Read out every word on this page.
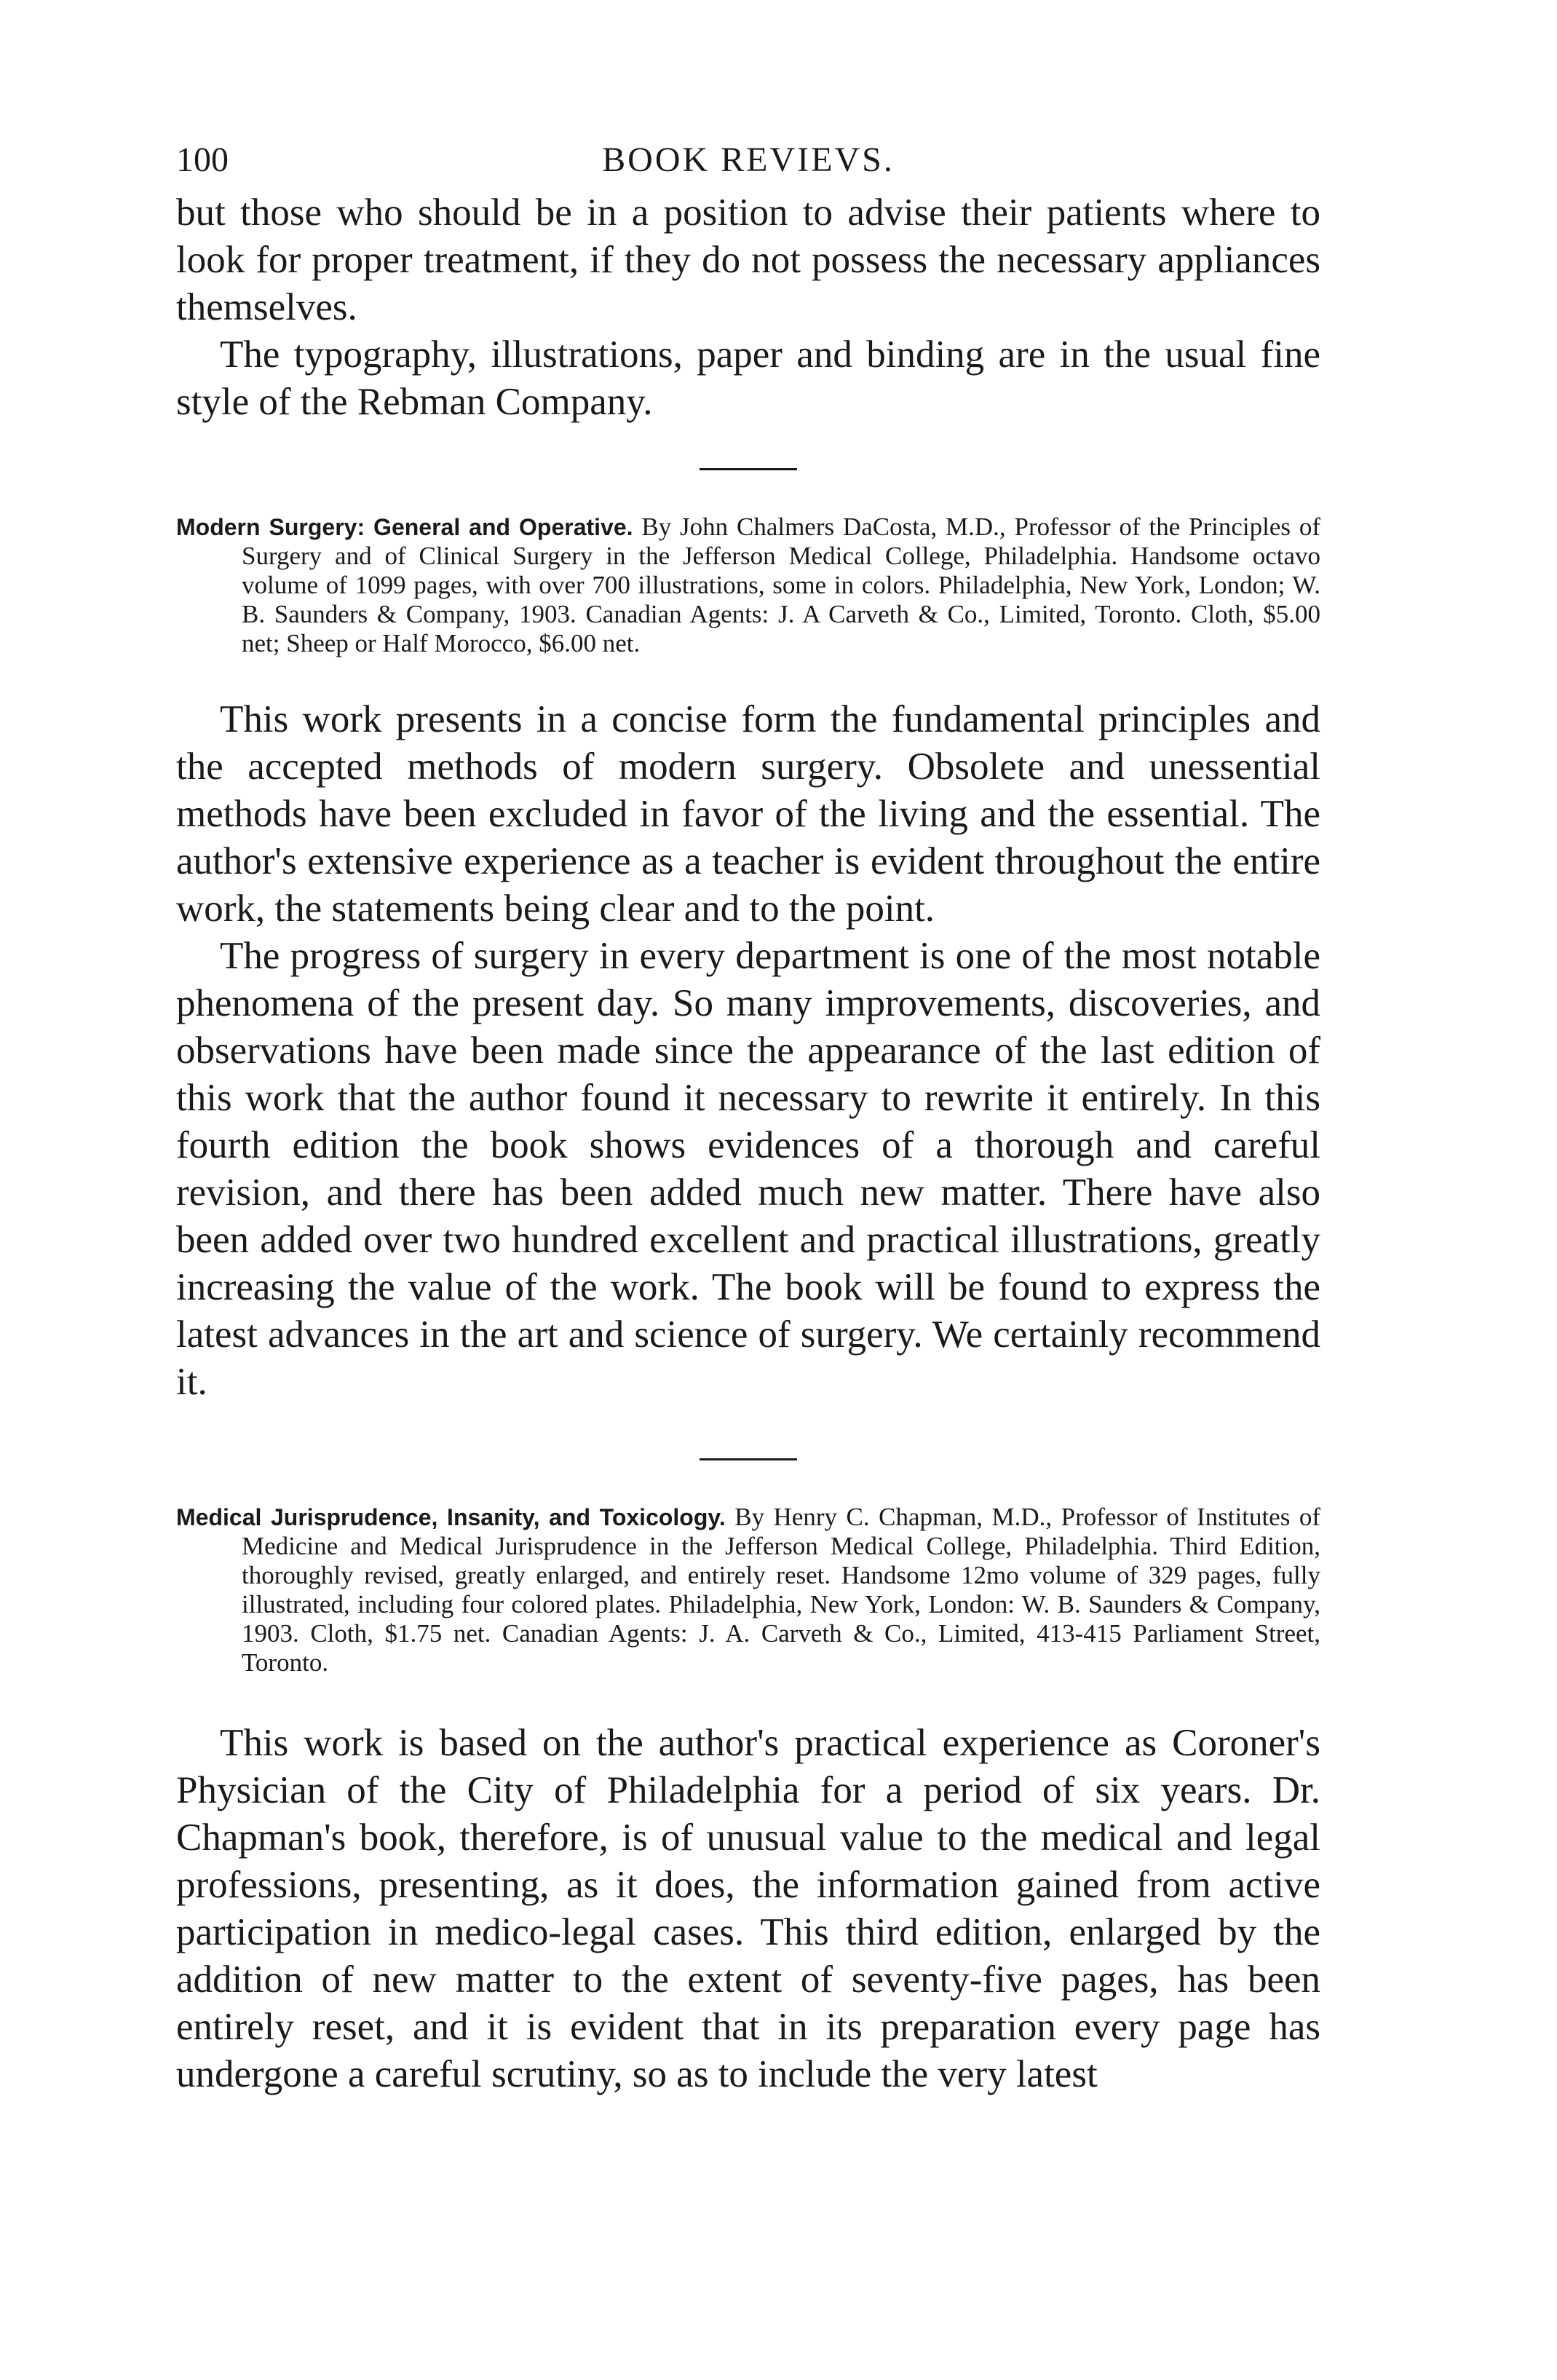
100	BOOK REVIEVS.

but those who should be in a position to advise their patients where to look for proper treatment, if they do not possess the necessary appliances themselves.

The typography, illustrations, paper and binding are in the usual fine style of the Rebman Company.

Modern Surgery: General and Operative. By John Chalmers DaCosta, M.D., Professor of the Principles of Surgery and of Clinical Surgery in the Jefferson Medical College, Philadelphia. Handsome octavo volume of 1099 pages, with over 700 illustrations, some in colors. Philadelphia, New York, London; W. B. Saunders & Company, 1903. Canadian Agents: J. A Carveth & Co., Limited, Toronto. Cloth, $5.00 net; Sheep or Half Morocco, $6.00 net.

This work presents in a concise form the fundamental principles and the accepted methods of modern surgery. Obsolete and unessential methods have been excluded in favor of the living and the essential. The author's extensive experience as a teacher is evident throughout the entire work, the statements being clear and to the point.

The progress of surgery in every department is one of the most notable phenomena of the present day. So many improvements, discoveries, and observations have been made since the appearance of the last edition of this work that the author found it necessary to rewrite it entirely. In this fourth edition the book shows evidences of a thorough and careful revision, and there has been added much new matter. There have also been added over two hundred excellent and practical illustrations, greatly increasing the value of the work. The book will be found to express the latest advances in the art and science of surgery. We certainly recommend it.

Medical Jurisprudence, Insanity, and Toxicology. By Henry C. Chapman, M.D., Professor of Institutes of Medicine and Medical Jurisprudence in the Jefferson Medical College, Philadelphia. Third Edition, thoroughly revised, greatly enlarged, and entirely reset. Handsome 12mo volume of 329 pages, fully illustrated, including four colored plates. Philadelphia, New York, London: W. B. Saunders & Company, 1903. Cloth, $1.75 net. Canadian Agents: J. A. Carveth & Co., Limited, 413-415 Parliament Street, Toronto.

This work is based on the author's practical experience as Coroner's Physician of the City of Philadelphia for a period of six years. Dr. Chapman's book, therefore, is of unusual value to the medical and legal professions, presenting, as it does, the information gained from active participation in medico-legal cases. This third edition, enlarged by the addition of new matter to the extent of seventy-five pages, has been entirely reset, and it is evident that in its preparation every page has undergone a careful scrutiny, so as to include the very latest
